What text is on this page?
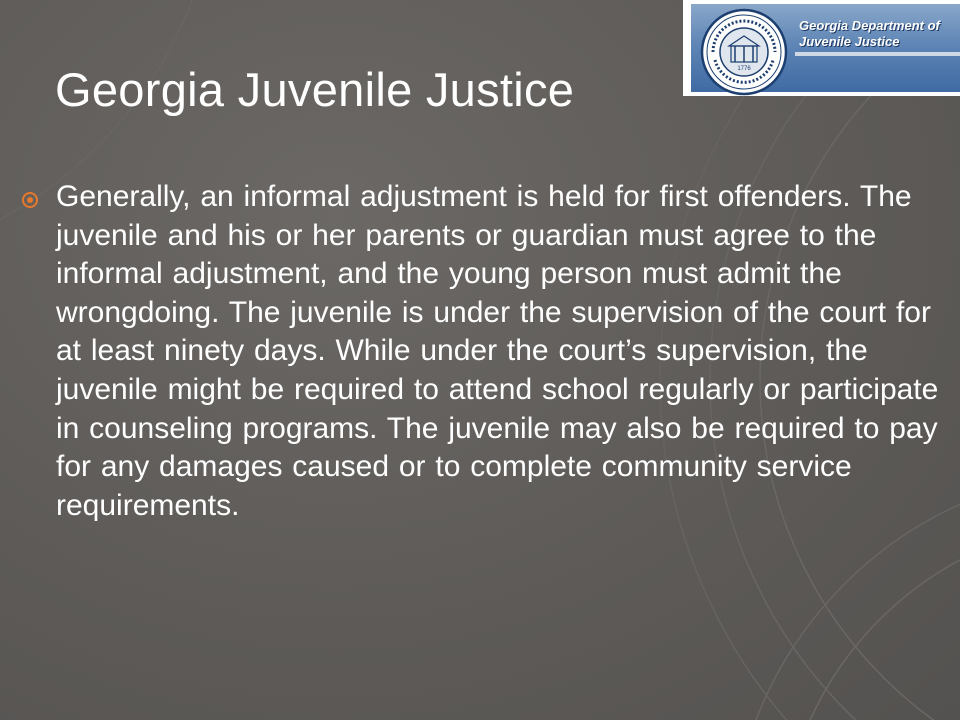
Georgia Juvenile Justice	1776
Georgia Department of
Juvenile Justice
Generally, an informal adjustment is held for first offenders. The juvenile and his or her parents or guardian must agree to the informal adjustment, and the young person must admit the wrongdoing. The juvenile is under the supervision of the court for at least ninety days. While under the court’s supervision, the juvenile might be required to attend school regularly or participate in counseling programs. The juvenile may also be required to pay for any damages caused or to complete community service requirements.
